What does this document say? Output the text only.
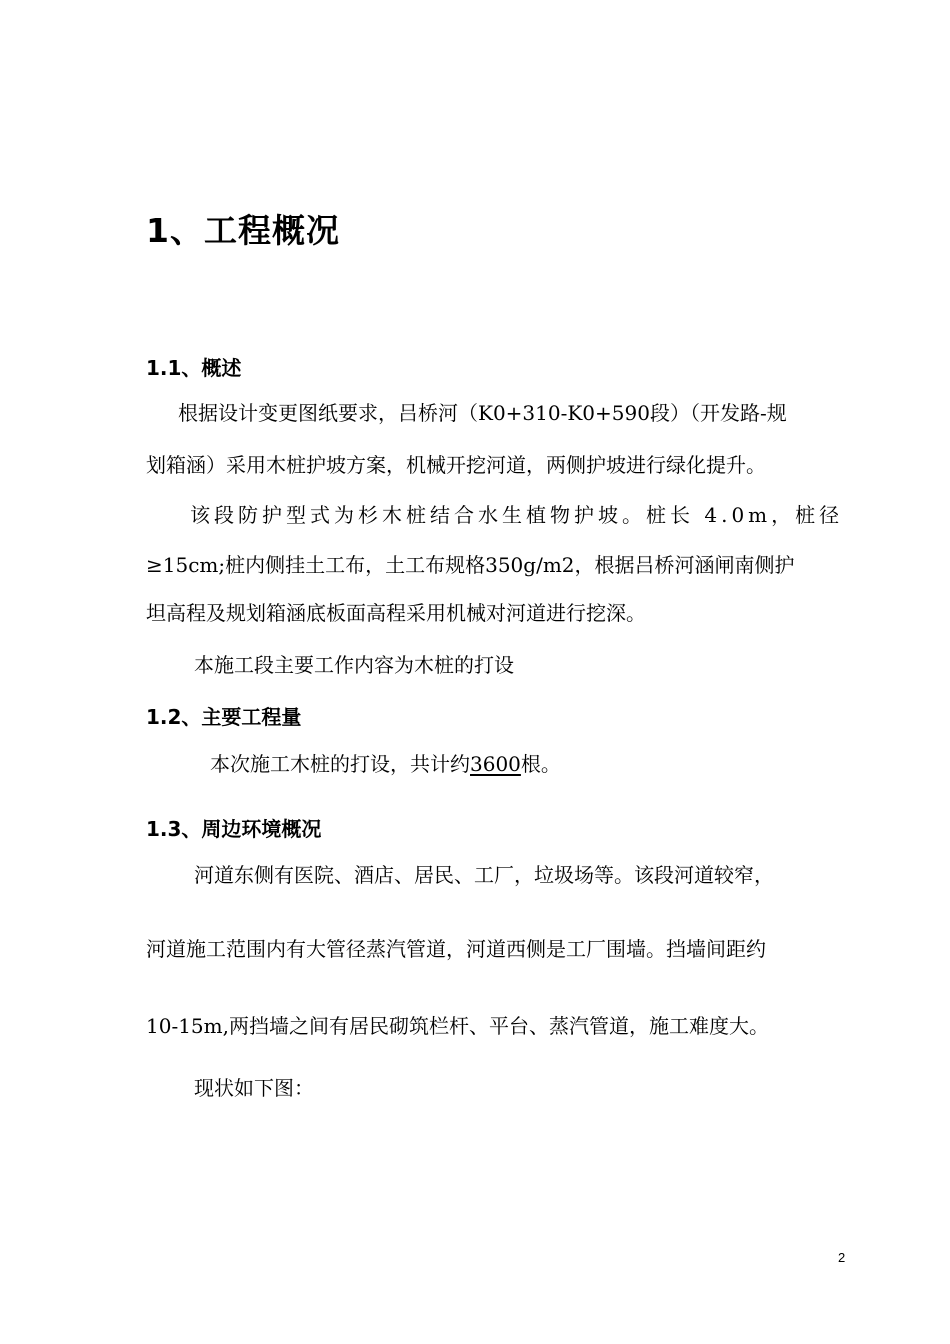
1、工程概况
1.1、概述
根据设计变更图纸要求，吕桥河（K0+310-K0+590段）（开发路-规
划箱涵）采用木桩护坡方案，机械开挖河道，两侧护坡进行绿化提升。
该段防护型式为杉木桩结合水生植物护坡。桩长 4.0m，桩径
≥15cm;桩内侧挂土工布，土工布规格350g/m2，根据吕桥河涵闸南侧护
坦高程及规划箱涵底板面高程采用机械对河道进行挖深。
本施工段主要工作内容为木桩的打设
1.2、主要工程量
本次施工木桩的打设，共计约3600根。
1.3、周边环境概况
河道东侧有医院、酒店、居民、工厂，垃圾场等。该段河道较窄，
河道施工范围内有大管径蒸汽管道，河道西侧是工厂围墙。挡墙间距约
10-15m,两挡墙之间有居民砌筑栏杆、平台、蒸汽管道，施工难度大。
现状如下图：
2
